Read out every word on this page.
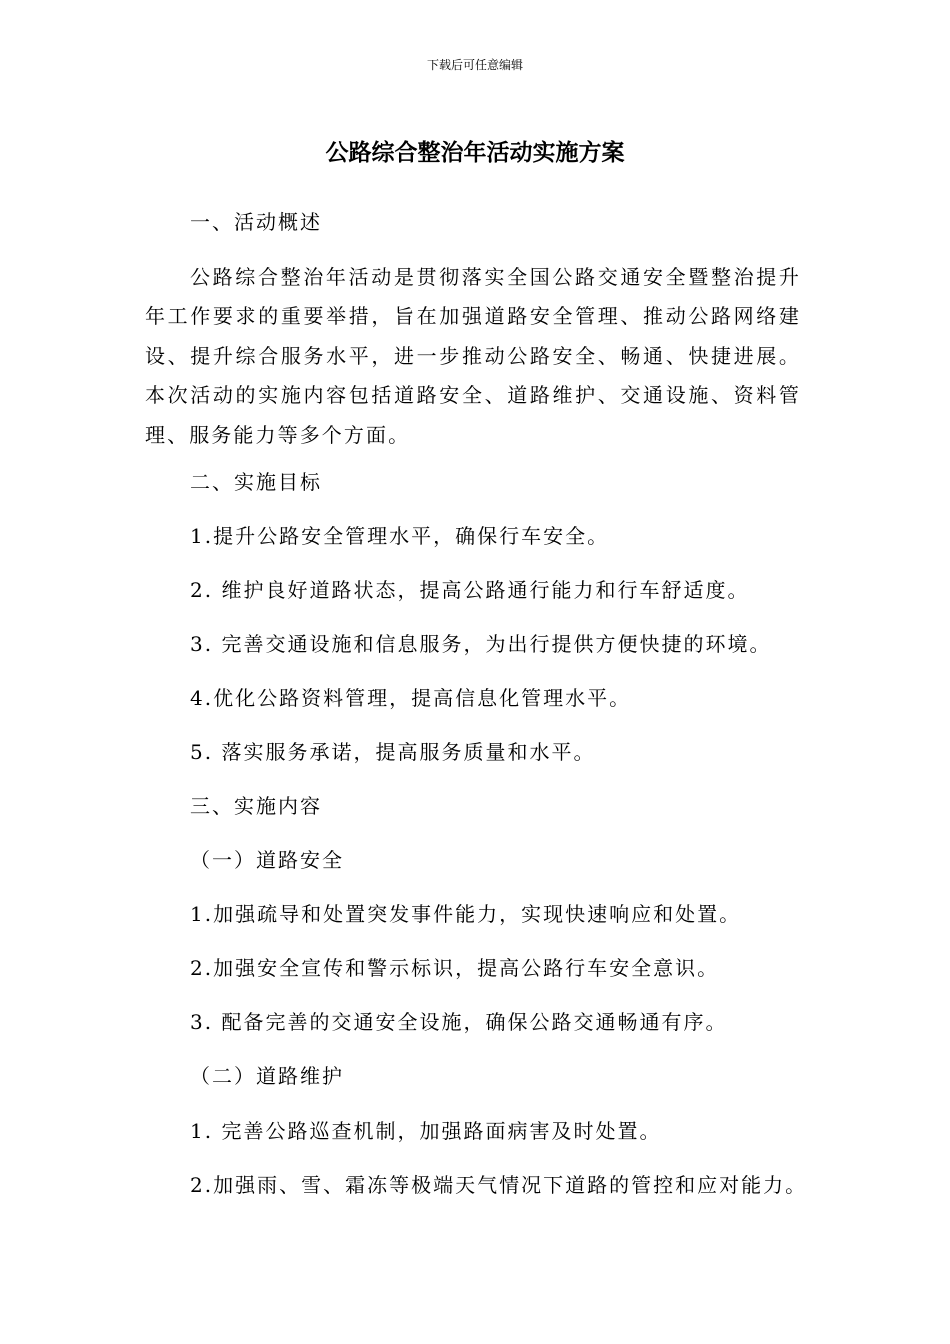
下载后可任意编辑
公路综合整治年活动实施方案
一、活动概述
公路综合整治年活动是贯彻落实全国公路交通安全暨整治提升年工作要求的重要举措，旨在加强道路安全管理、推动公路网络建设、提升综合服务水平，进一步推动公路安全、畅通、快捷进展。本次活动的实施内容包括道路安全、道路维护、交通设施、资料管理、服务能力等多个方面。
二、实施目标
1.提升公路安全管理水平，确保行车安全。
2. 维护良好道路状态，提高公路通行能力和行车舒适度。
3. 完善交通设施和信息服务，为出行提供方便快捷的环境。
4.优化公路资料管理，提高信息化管理水平。
5. 落实服务承诺，提高服务质量和水平。
三、实施内容
（一）道路安全
1.加强疏导和处置突发事件能力，实现快速响应和处置。
2.加强安全宣传和警示标识，提高公路行车安全意识。
3. 配备完善的交通安全设施，确保公路交通畅通有序。
（二）道路维护
1. 完善公路巡查机制，加强路面病害及时处置。
2.加强雨、雪、霜冻等极端天气情况下道路的管控和应对能力。
